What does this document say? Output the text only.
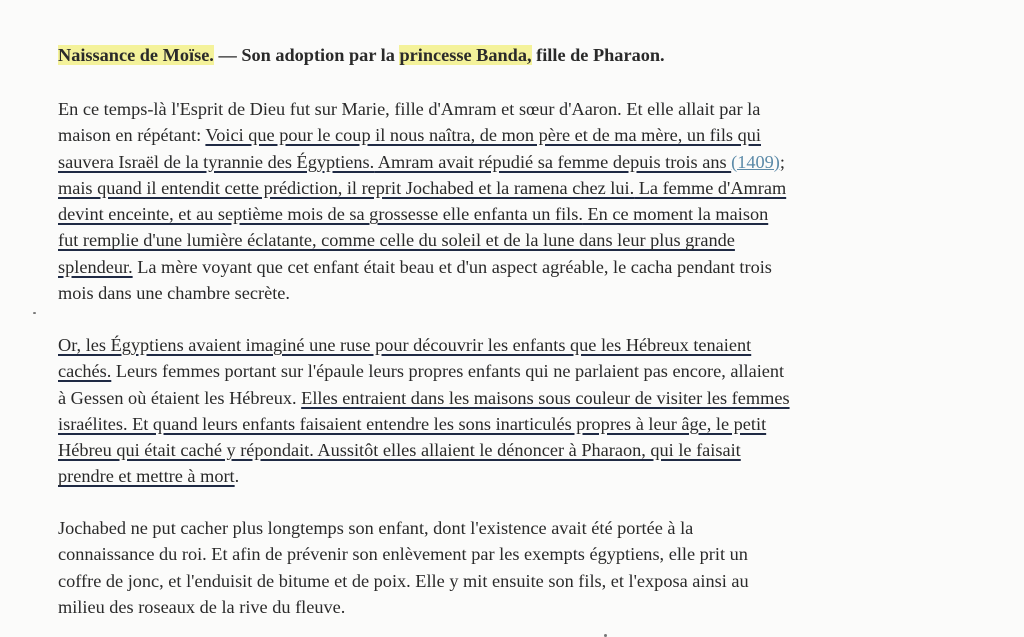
Naissance de Moïse. — Son adoption par la princesse Banda, fille de Pharaon.
En ce temps-là l'Esprit de Dieu fut sur Marie, fille d'Amram et sœur d'Aaron. Et elle allait par la
maison en répétant: Voici que pour le coup il nous naîtra, de mon père et de ma mère, un fils qui
sauvera Israël de la tyrannie des Égyptiens. Amram avait répudié sa femme depuis trois ans (1409);
mais quand il entendit cette prédiction, il reprit Jochabed et la ramena chez lui. La femme d'Amram
devint enceinte, et au septième mois de sa grossesse elle enfanta un fils. En ce moment la maison
fut remplie d'une lumière éclatante, comme celle du soleil et de la lune dans leur plus grande
splendeur. La mère voyant que cet enfant était beau et d'un aspect agréable, le cacha pendant trois
mois dans une chambre secrète.
Or, les Égyptiens avaient imaginé une ruse pour découvrir les enfants que les Hébreux tenaient
cachés. Leurs femmes portant sur l'épaule leurs propres enfants qui ne parlaient pas encore, allaient
à Gessen où étaient les Hébreux. Elles entraient dans les maisons sous couleur de visiter les femmes
israélites. Et quand leurs enfants faisaient entendre les sons inarticulés propres à leur âge, le petit
Hébreu qui était caché y répondait. Aussitôt elles allaient le dénoncer à Pharaon, qui le faisait
prendre et mettre à mort.
Jochabed ne put cacher plus longtemps son enfant, dont l'existence avait été portée à la
connaissance du roi. Et afin de prévenir son enlèvement par les exempts égyptiens, elle prit un
coffre de jonc, et l'enduisit de bitume et de poix. Elle y mit ensuite son fils, et l'exposa ainsi au
milieu des roseaux de la rive du fleuve.
